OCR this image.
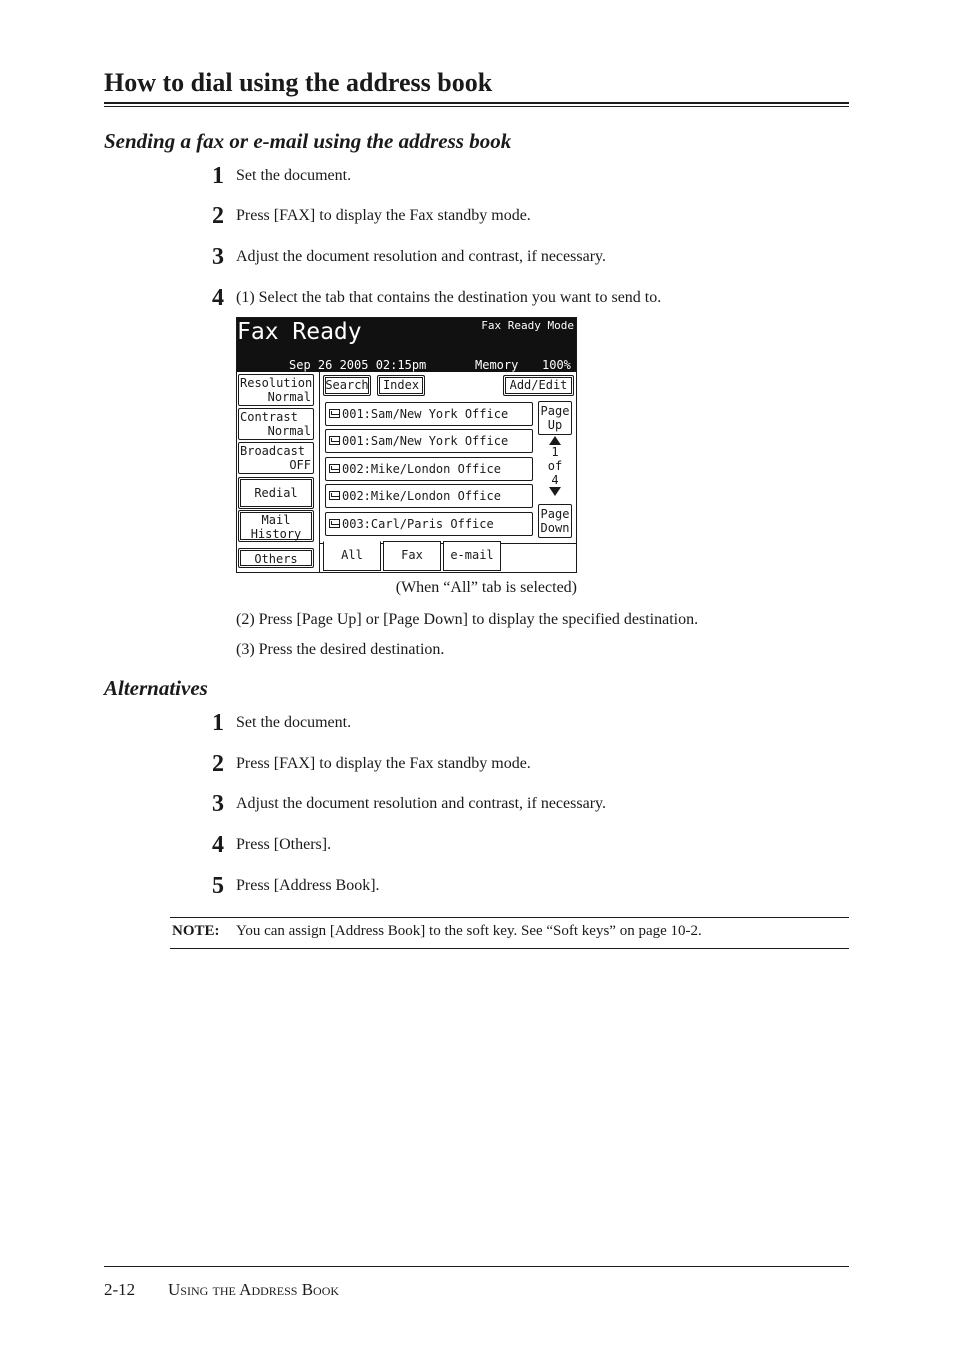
How to dial using the address book
Sending a fax or e-mail using the address book
1 Set the document.
2 Press [FAX] to display the Fax standby mode.
3 Adjust the document resolution and contrast, if necessary.
4 (1) Select the tab that contains the destination you want to send to.
Fax Ready	Fax Ready Mode
Sep 26 2005 02:15pm	Memory 100%
Resolution
Normal
Contrast
Normal
Broadcast
OFF
Redial
Mail
History
Others
Search	Index	Add/Edit
001:Sam/New York Office
001:Sam/New York Office
002:Mike/London Office
002:Mike/London Office
003:Carl/Paris Office
Page
Up
1
of
4
Page
Down
All	Fax	e-mail
(When “All” tab is selected)
(2) Press [Page Up] or [Page Down] to display the specified destination.
(3) Press the desired destination.
Alternatives
1 Set the document.
2 Press [FAX] to display the Fax standby mode.
3 Adjust the document resolution and contrast, if necessary.
4 Press [Others].
5 Press [Address Book].
NOTE: You can assign [Address Book] to the soft key. See “Soft keys” on page 10-2.
2-12 Using the Address Book
